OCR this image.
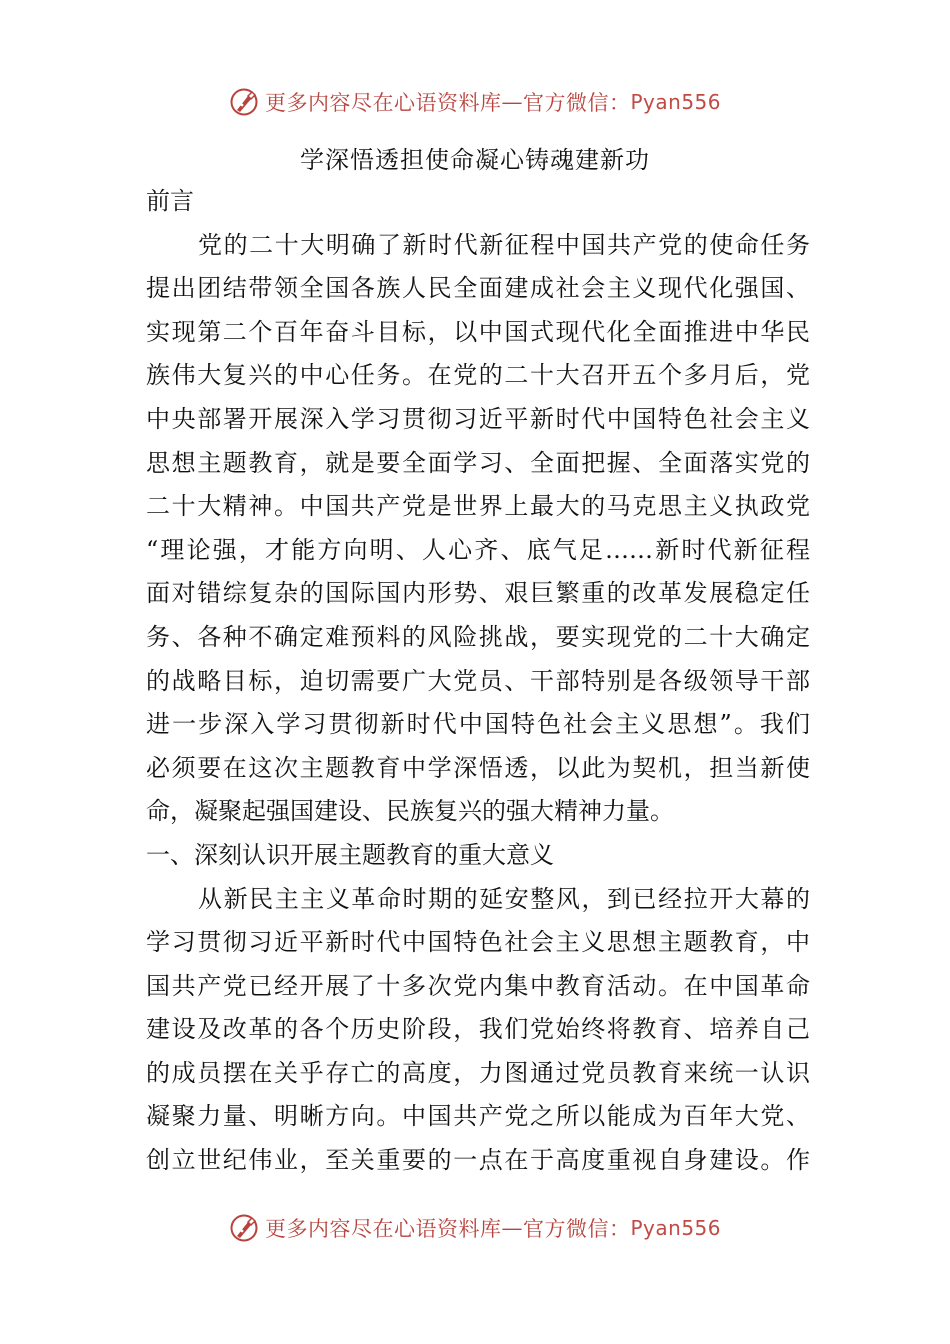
更多内容尽在心语资料库 — 官方微信： Pyan556
学深悟透担使命凝心铸魂建新功
前言
党的二十大明确了新时代新征程中国共产党的使命任务
提出团结带领全国各族人民全面建成社会主义现代化强国、
实现第二个百年奋斗目标，以中国式现代化全面推进中华民
族伟大复兴的中心任务。在党的二十大召开五个多月后，党
中央部署开展深入学习贯彻习近平新时代中国特色社会主义
思想主题教育，就是要全面学习、全面把握、全面落实党的
二十大精神。中国共产党是世界上最大的马克思主义执政党
“理论强，才能方向明、人心齐、底气足……新时代新征程
面对错综复杂的国际国内形势、艰巨繁重的改革发展稳定任
务、各种不确定难预料的风险挑战，要实现党的二十大确定
的战略目标，迫切需要广大党员、干部特别是各级领导干部
进一步深入学习贯彻新时代中国特色社会主义思想”。我们
必须要在这次主题教育中学深悟透，以此为契机，担当新使
命，凝聚起强国建设、民族复兴的强大精神力量。
一、深刻认识开展主题教育的重大意义
从新民主主义革命时期的延安整风，到已经拉开大幕的
学习贯彻习近平新时代中国特色社会主义思想主题教育，中
国共产党已经开展了十多次党内集中教育活动。在中国革命
建设及改革的各个历史阶段，我们党始终将教育、培养自己
的成员摆在关乎存亡的高度，力图通过党员教育来统一认识
凝聚力量、明晰方向。中国共产党之所以能成为百年大党、
创立世纪伟业，至关重要的一点在于高度重视自身建设。作
更多内容尽在心语资料库 — 官方微信： Pyan556
